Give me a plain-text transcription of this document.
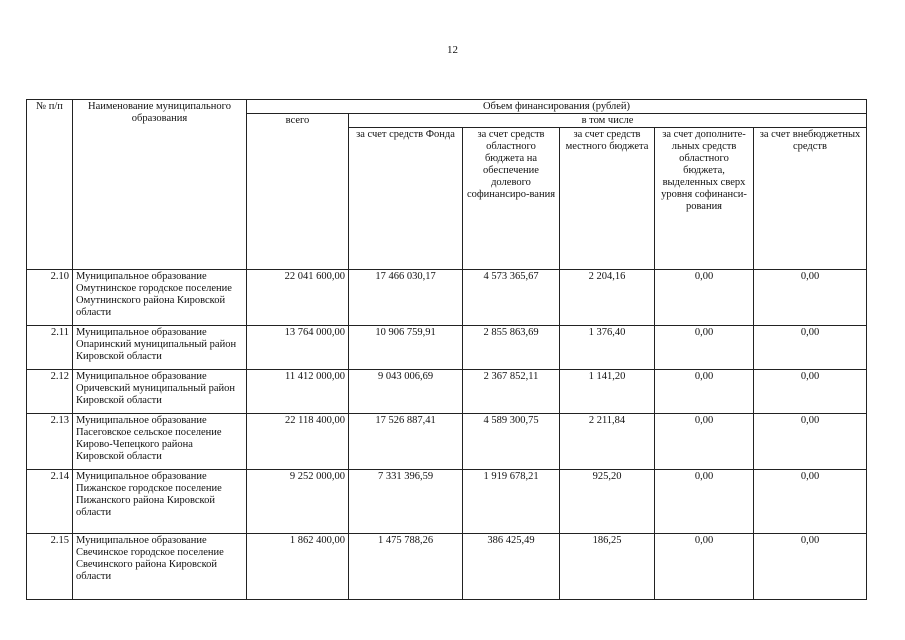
12
№ п/п	Наименование муниципального образования	Объем финансирования (рублей)					
		всего	в том числе				
			за счет средств Фонда	за счет средств областного бюджета на обеспечение долевого софинансиро-вания	за счет средств местного бюджета	за счет дополните-льных средств областного бюджета, выделенных сверх уровня софинанси-рования	за счет внебюджетных средств
2.10	Муниципальное образование Омутнинское городское поселение Омутнинского района Кировской области	22 041 600,00	17 466 030,17	4 573 365,67	2 204,16	0,00	0,00
2.11	Муниципальное образование Опаринский муниципальный район Кировской области	13 764 000,00	10 906 759,91	2 855 863,69	1 376,40	0,00	0,00
2.12	Муниципальное образование Оричевский муниципальный район Кировской области	11 412 000,00	9 043 006,69	2 367 852,11	1 141,20	0,00	0,00
2.13	Муниципальное образование Пасеговское сельское поселение Кирово-Чепецкого района Кировской области	22 118 400,00	17 526 887,41	4 589 300,75	2 211,84	0,00	0,00
2.14	Муниципальное образование Пижанское городское поселение Пижанского района Кировской области	9 252 000,00	7 331 396,59	1 919 678,21	925,20	0,00	0,00
2.15	Муниципальное образование Свечинское городское поселение Свечинского района Кировской области	1 862 400,00	1 475 788,26	386 425,49	186,25	0,00	0,00
